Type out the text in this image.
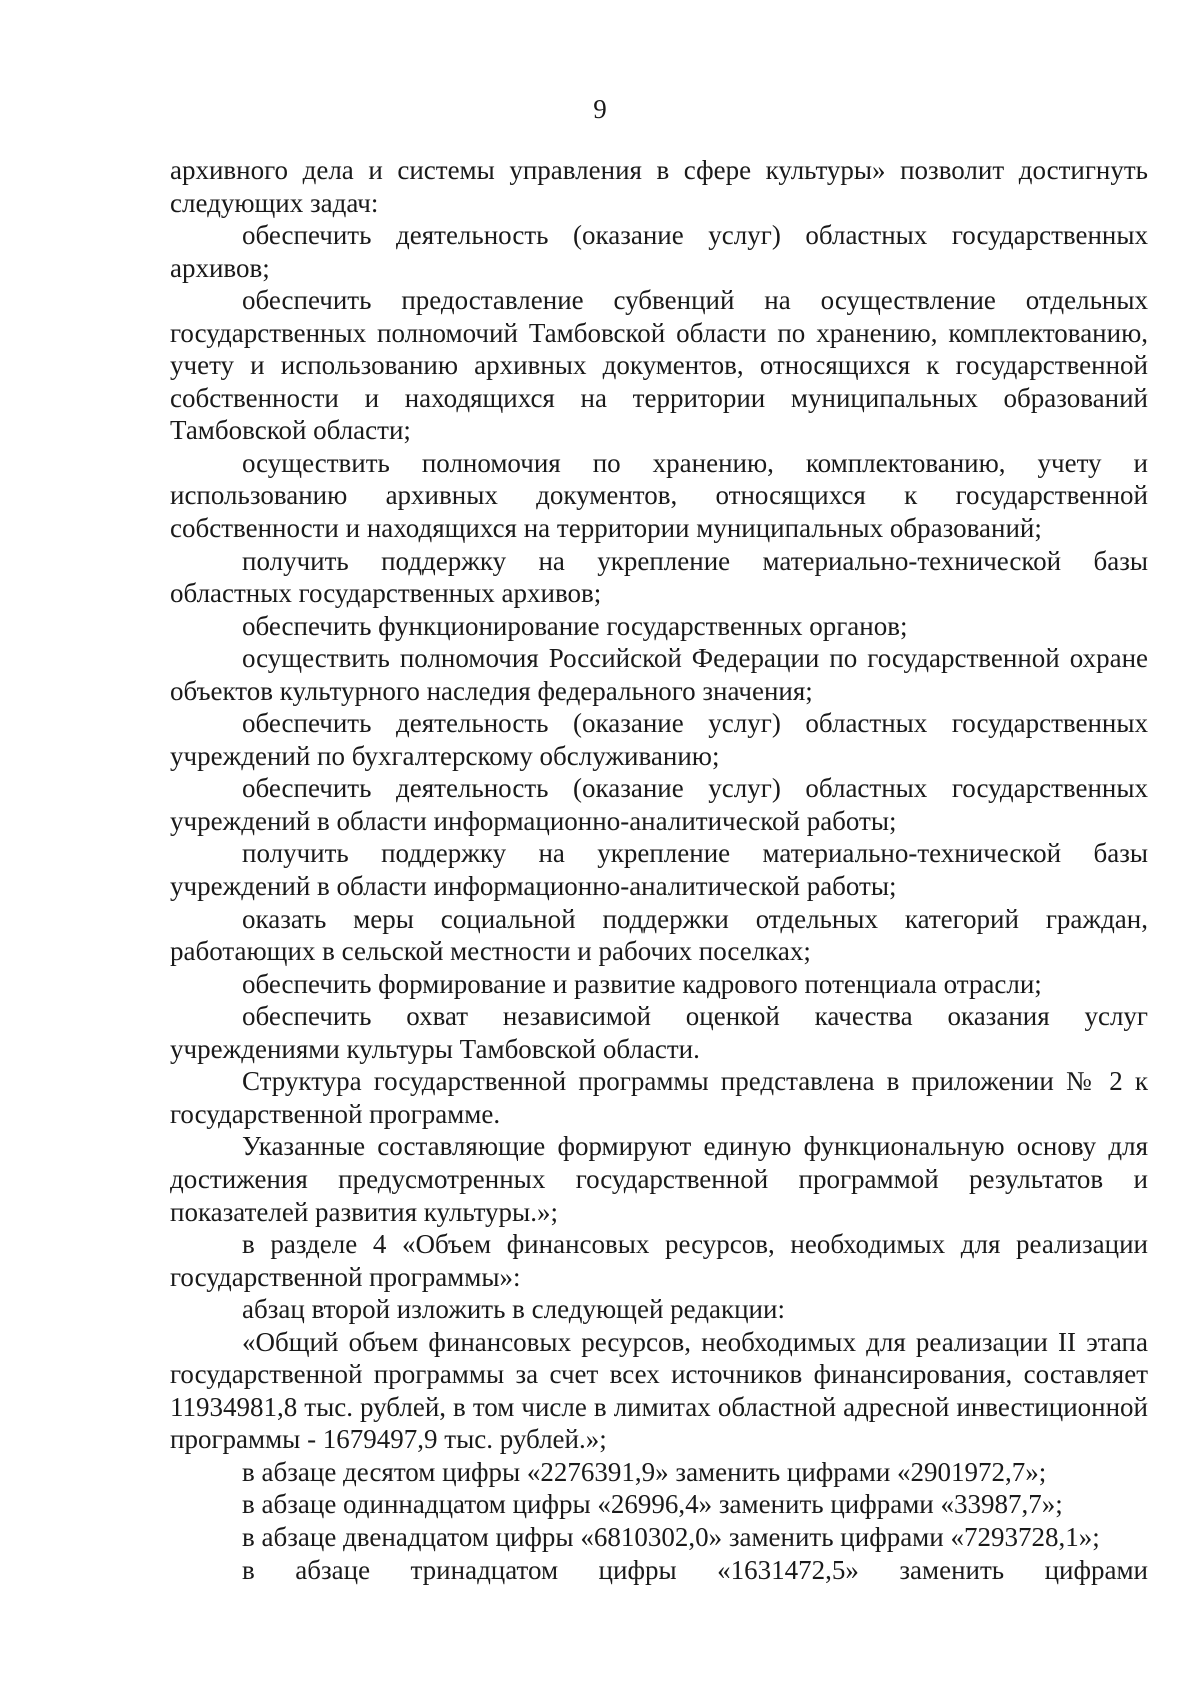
9

архивного дела и системы управления в сфере культуры» позволит достигнуть следующих задач:

обеспечить деятельность (оказание услуг) областных государственных архивов;

обеспечить предоставление субвенций на осуществление отдельных государственных полномочий Тамбовской области по хранению, комплектованию, учету и использованию архивных документов, относящихся к государственной собственности и находящихся на территории муниципальных образований Тамбовской области;

осуществить полномочия по хранению, комплектованию, учету и использованию архивных документов, относящихся к государственной собственности и находящихся на территории муниципальных образований;

получить поддержку на укрепление материально-технической базы областных государственных архивов;

обеспечить функционирование государственных органов;

осуществить полномочия Российской Федерации по государственной охране объектов культурного наследия федерального значения;

обеспечить деятельность (оказание услуг) областных государственных учреждений по бухгалтерскому обслуживанию;

обеспечить деятельность (оказание услуг) областных государственных учреждений в области информационно-аналитической работы;

получить поддержку на укрепление материально-технической базы учреждений в области информационно-аналитической работы;

оказать меры социальной поддержки отдельных категорий граждан, работающих в сельской местности и рабочих поселках;

обеспечить формирование и развитие кадрового потенциала отрасли;

обеспечить охват независимой оценкой качества оказания услуг учреждениями культуры Тамбовской области.

Структура государственной программы представлена в приложении № 2 к государственной программе.

Указанные составляющие формируют единую функциональную основу для достижения предусмотренных государственной программой результатов и показателей развития культуры.»;

в разделе 4 «Объем финансовых ресурсов, необходимых для реализации государственной программы»:

абзац второй изложить в следующей редакции:

«Общий объем финансовых ресурсов, необходимых для реализации II этапа государственной программы за счет всех источников финансирования, составляет 11934981,8 тыс. рублей, в том числе в лимитах областной адресной инвестиционной программы - 1679497,9 тыс. рублей.»;

в абзаце десятом цифры «2276391,9» заменить цифрами «2901972,7»;

в абзаце одиннадцатом цифры «26996,4» заменить цифрами «33987,7»;

в абзаце двенадцатом цифры «6810302,0» заменить цифрами «7293728,1»;

в абзаце тринадцатом цифры «1631472,5» заменить цифрами
